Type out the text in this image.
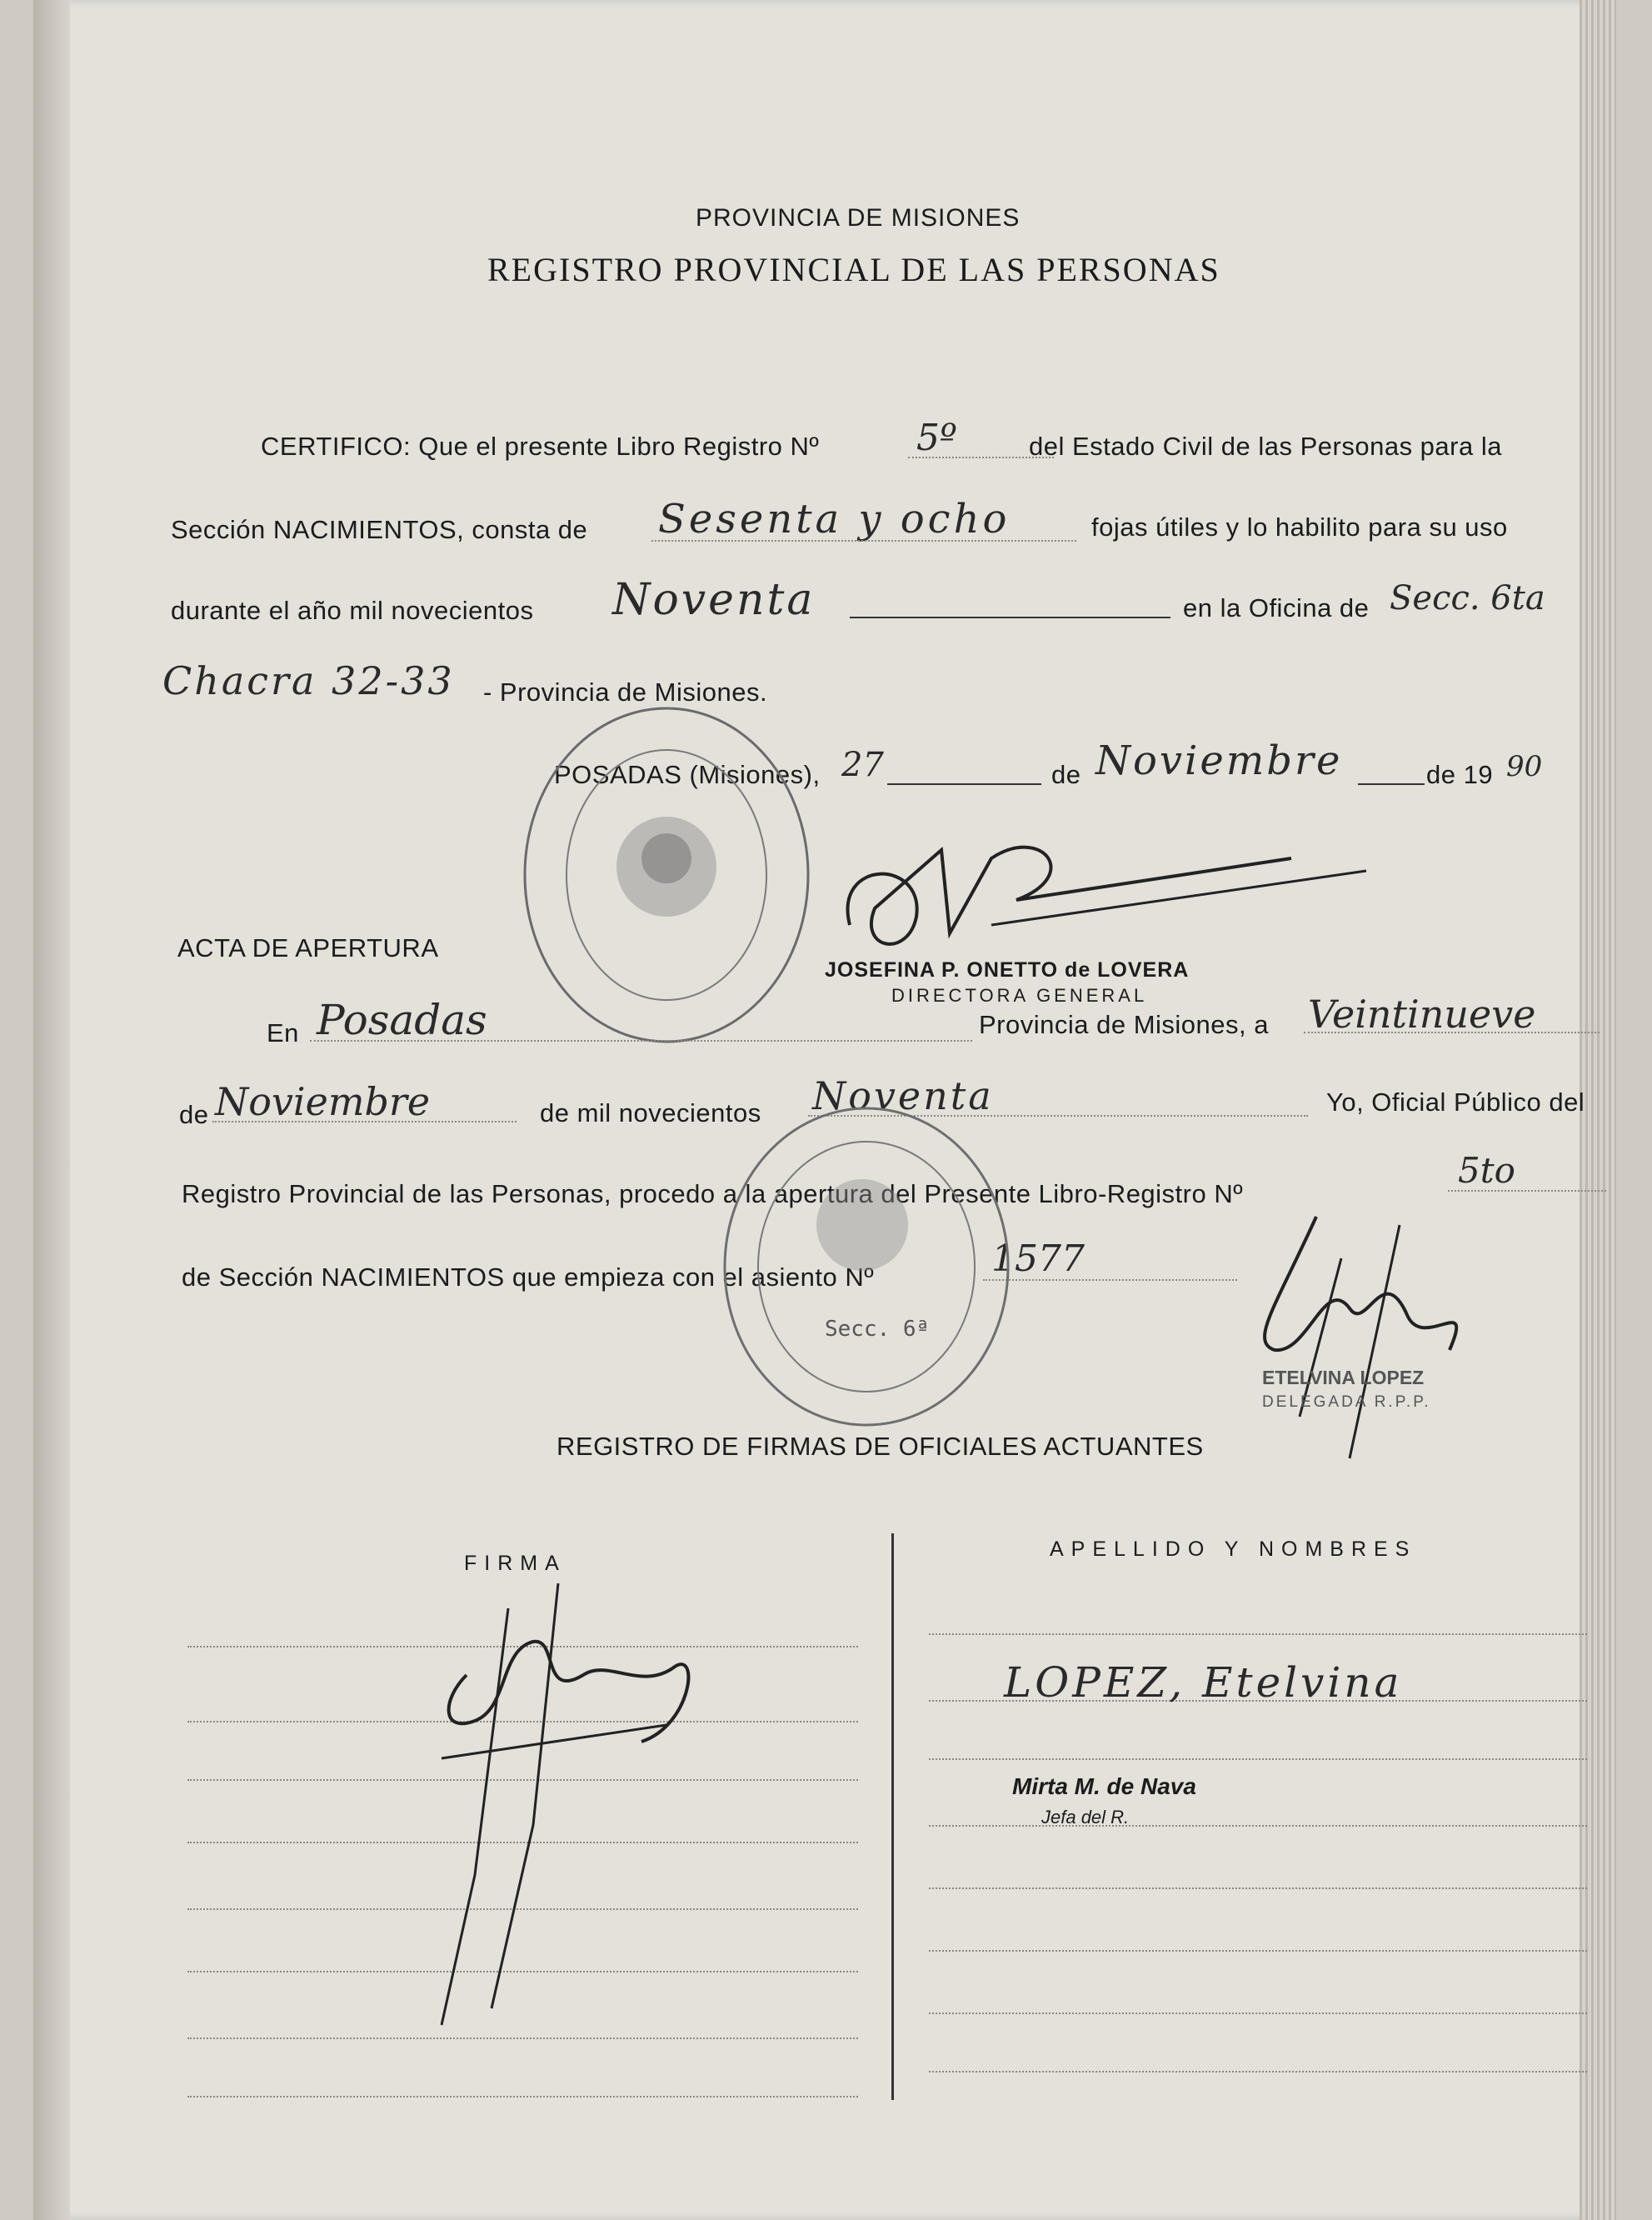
PROVINCIA DE MISIONES
REGISTRO PROVINCIAL DE LAS PERSONAS
CERTIFICO: Que el presente Libro Registro Nº	5º	del Estado Civil de las Personas para la
Sección NACIMIENTOS, consta de Sesenta y ocho	fojas útiles y lo habilito para su uso
durante el año mil novecientos Noventa	en la Oficina de Secc. 6ta
Chacra 32-33 - Provincia de Misiones.
POSADAS (Misiones), 27	de Noviembre	de 19 90
JOSEFINA P. ONETTO de LOVERA
DIRECTORA GENERAL
ACTA DE APERTURA
En Posadas	Provincia de Misiones, a Veintinueve
de Noviembre	de mil novecientos Noventa	Yo, Oficial Público del
Registro Provincial de las Personas, procedo a la apertura del Presente Libro-Registro Nº
5to
de Sección NACIMIENTOS que empieza con el asiento Nº	1577
Secc. 6ª
ETELVINA LOPEZ
DELEGADA R.P.P.
REGISTRO DE FIRMAS DE OFICIALES ACTUANTES
FIRMA
APELLIDO Y NOMBRES
LOPEZ, Etelvina
Mirta M. de Nava
Jefa del R.
